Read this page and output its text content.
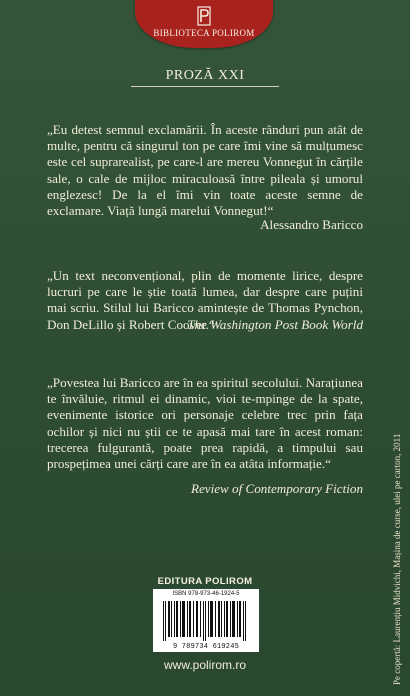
BIBLIOTECA POLIROM
PROZĂ XXI
„Eu detest semnul exclamării. În aceste rânduri pun atât de multe, pentru că singurul ton pe care îmi vine să mulțumesc este cel suprarealist, pe care-l are mereu Vonnegut în cărțile sale, o cale de mijloc miraculoasă între pileala și umorul englezesc! De la el îmi vin toate aceste semne de exclamare. Viață lungă marelui Vonnegut!“
Alessandro Baricco
„Un text neconvențional, plin de momente lirice, despre lucruri pe care le știe toată lumea, dar despre care puțini mai scriu. Stilul lui Baricco amintește de Thomas Pynchon, Don DeLillo și Robert Coover.“
The Washington Post Book World
„Povestea lui Baricco are în ea spiritul secolului. Narațiunea te învăluie, ritmul ei dinamic, vioi te-mpinge de la spate, evenimente istorice ori personaje celebre trec prin fața ochilor și nici nu știi ce te apasă mai tare în acest roman: trecerea fulgurantă, poate prea rapidă, a timpului sau prospețimea unei cărți care are în ea atâta informație.“
Review of Contemporary Fiction
EDITURA POLIROM
ISBN 978-973-46-1924-5
9 789734 619245
www.polirom.ro	Pe copertă: Laurențiu Midvichi, Mașina de curse, ulei pe carton, 2011
